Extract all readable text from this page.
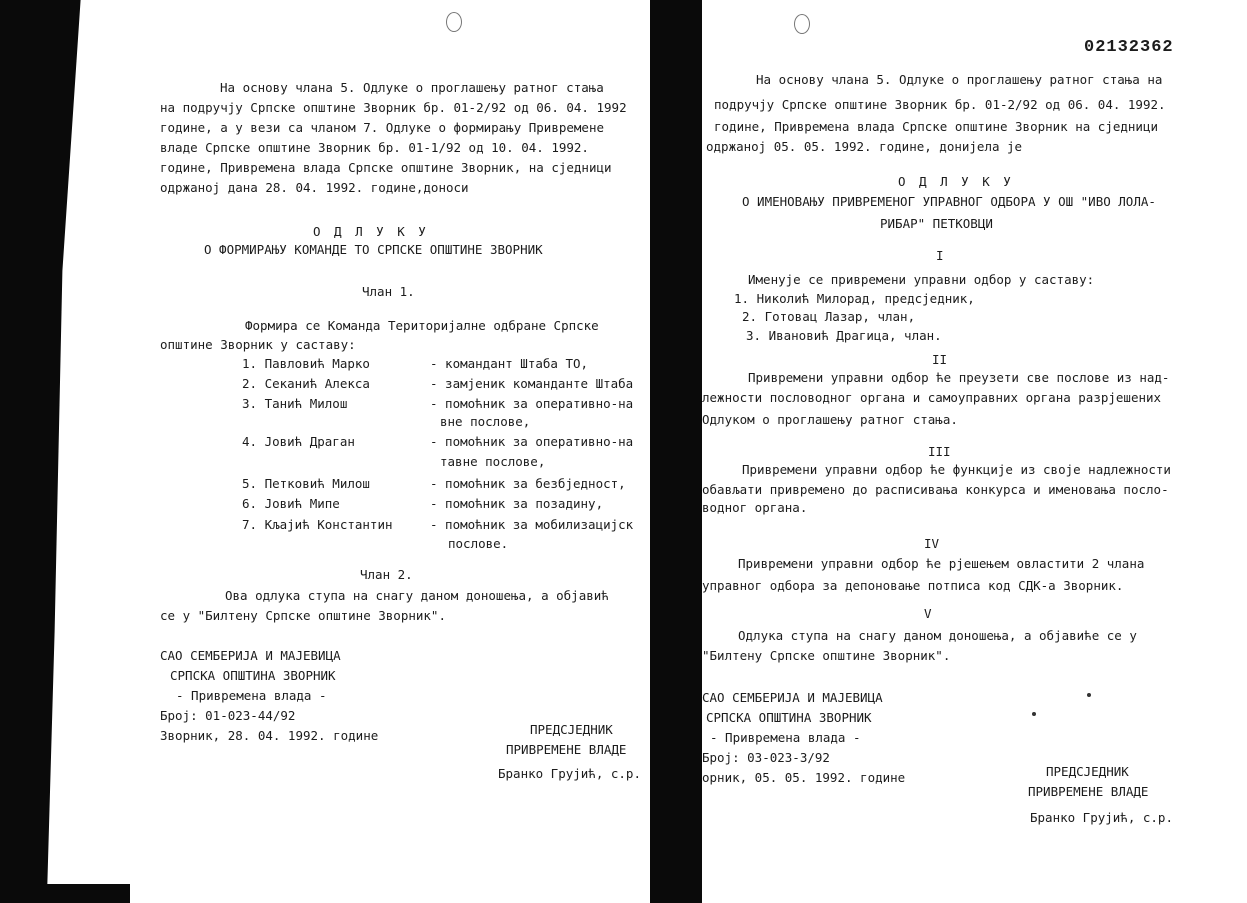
На основу члана 5. Одлуке о проглашењу ратног стања
на подручју Српске општине Зворник бр. 01-2/92 од 06. 04. 1992
године, а у вези са чланом 7. Одлуке о формирању Привремене
владе Српске општине Зворник бр. 01-1/92 од 10. 04. 1992.
године, Привремена влада Српске општине Зворник, на сједници
одржаној дана 28. 04. 1992. године,доноси
О Д Л У К У
О ФОРМИРАЊУ КОМАНДЕ ТО СРПСКЕ ОПШТИНЕ ЗВОРНИК
Члан 1.
Формира се Команда Територијалне одбране Српске
општине Зворник у саставу:
1. Павловић Марко	- командант Штаба ТО,
2. Секанић Алекса	- замјеник команданте Штаба
3. Танић Милош	- помоћник за оперативно-на
вне послове,
4. Јовић Драган	- помоћник за оперативно-на
тавне послове,
5. Петковић Милош	- помоћник за безбједност,
6. Јовић Мипе	- помоћник за позадину,
7. Кљајић Константин	- помоћник за мобилизацијск
послове.
Члан 2.
Ова одлука ступа на снагу даном доношења, а објавић
се у "Билтену Српске општине Зворник".
САО СЕМБЕРИЈА И МАЈЕВИЦА
СРПСКА ОПШТИНА ЗВОРНИК
- Привремена влада -
Број: 01-023-44/92
Зворник, 28. 04. 1992. године	ПРЕДСЈЕДНИК
ПРИВРЕМЕНЕ ВЛАДЕ
Бранко Грујић, с.р.
02132362
На основу члана 5. Одлуке о проглашењу ратног стања на
подручју Српске општине Зворник бр. 01-2/92 од 06. 04. 1992.
године, Привремена влада Српске општине Зворник на сједници
одржаној 05. 05. 1992. године, донијела је
О Д Л У К У
О ИМЕНОВАЊУ ПРИВРЕМЕНОГ УПРАВНОГ ОДБОРА У ОШ "ИВО ЛОЛА-
РИБАР" ПЕТКОВЦИ
I
Именује се привремени управни одбор у саставу:
1. Николић Милорад, предсједник,
2. Готовац Лазар, члан,
3. Ивановић Драгица, члан.
II
Привремени управни одбор ће преузети све послове из над-
лежности пословодног органа и самоуправних органа разрјешених
Одлуком о проглашењу ратног стања.
III
Привремени управни одбор ће функције из своје надлежности
обављати привремено до расписивања конкурса и именовања посло-
водног органа.
IV
Привремени управни одбор ће рјешењем овластити 2 члана
управног одбора за депоновање потписа код СДК-а Зворник.
V
Одлука ступа на снагу даном доношења, а објавиће се у
"Билтену Српске општине Зворник".
САО СЕМБЕРИЈА И МАЈЕВИЦА
СРПСКА ОПШТИНА ЗВОРНИК
- Привремена влада -
Број: 03-023-3/92
орник, 05. 05. 1992. године	ПРЕДСЈЕДНИК
ПРИВРЕМЕНЕ ВЛАДЕ
Бранко Грујић, с.р.
